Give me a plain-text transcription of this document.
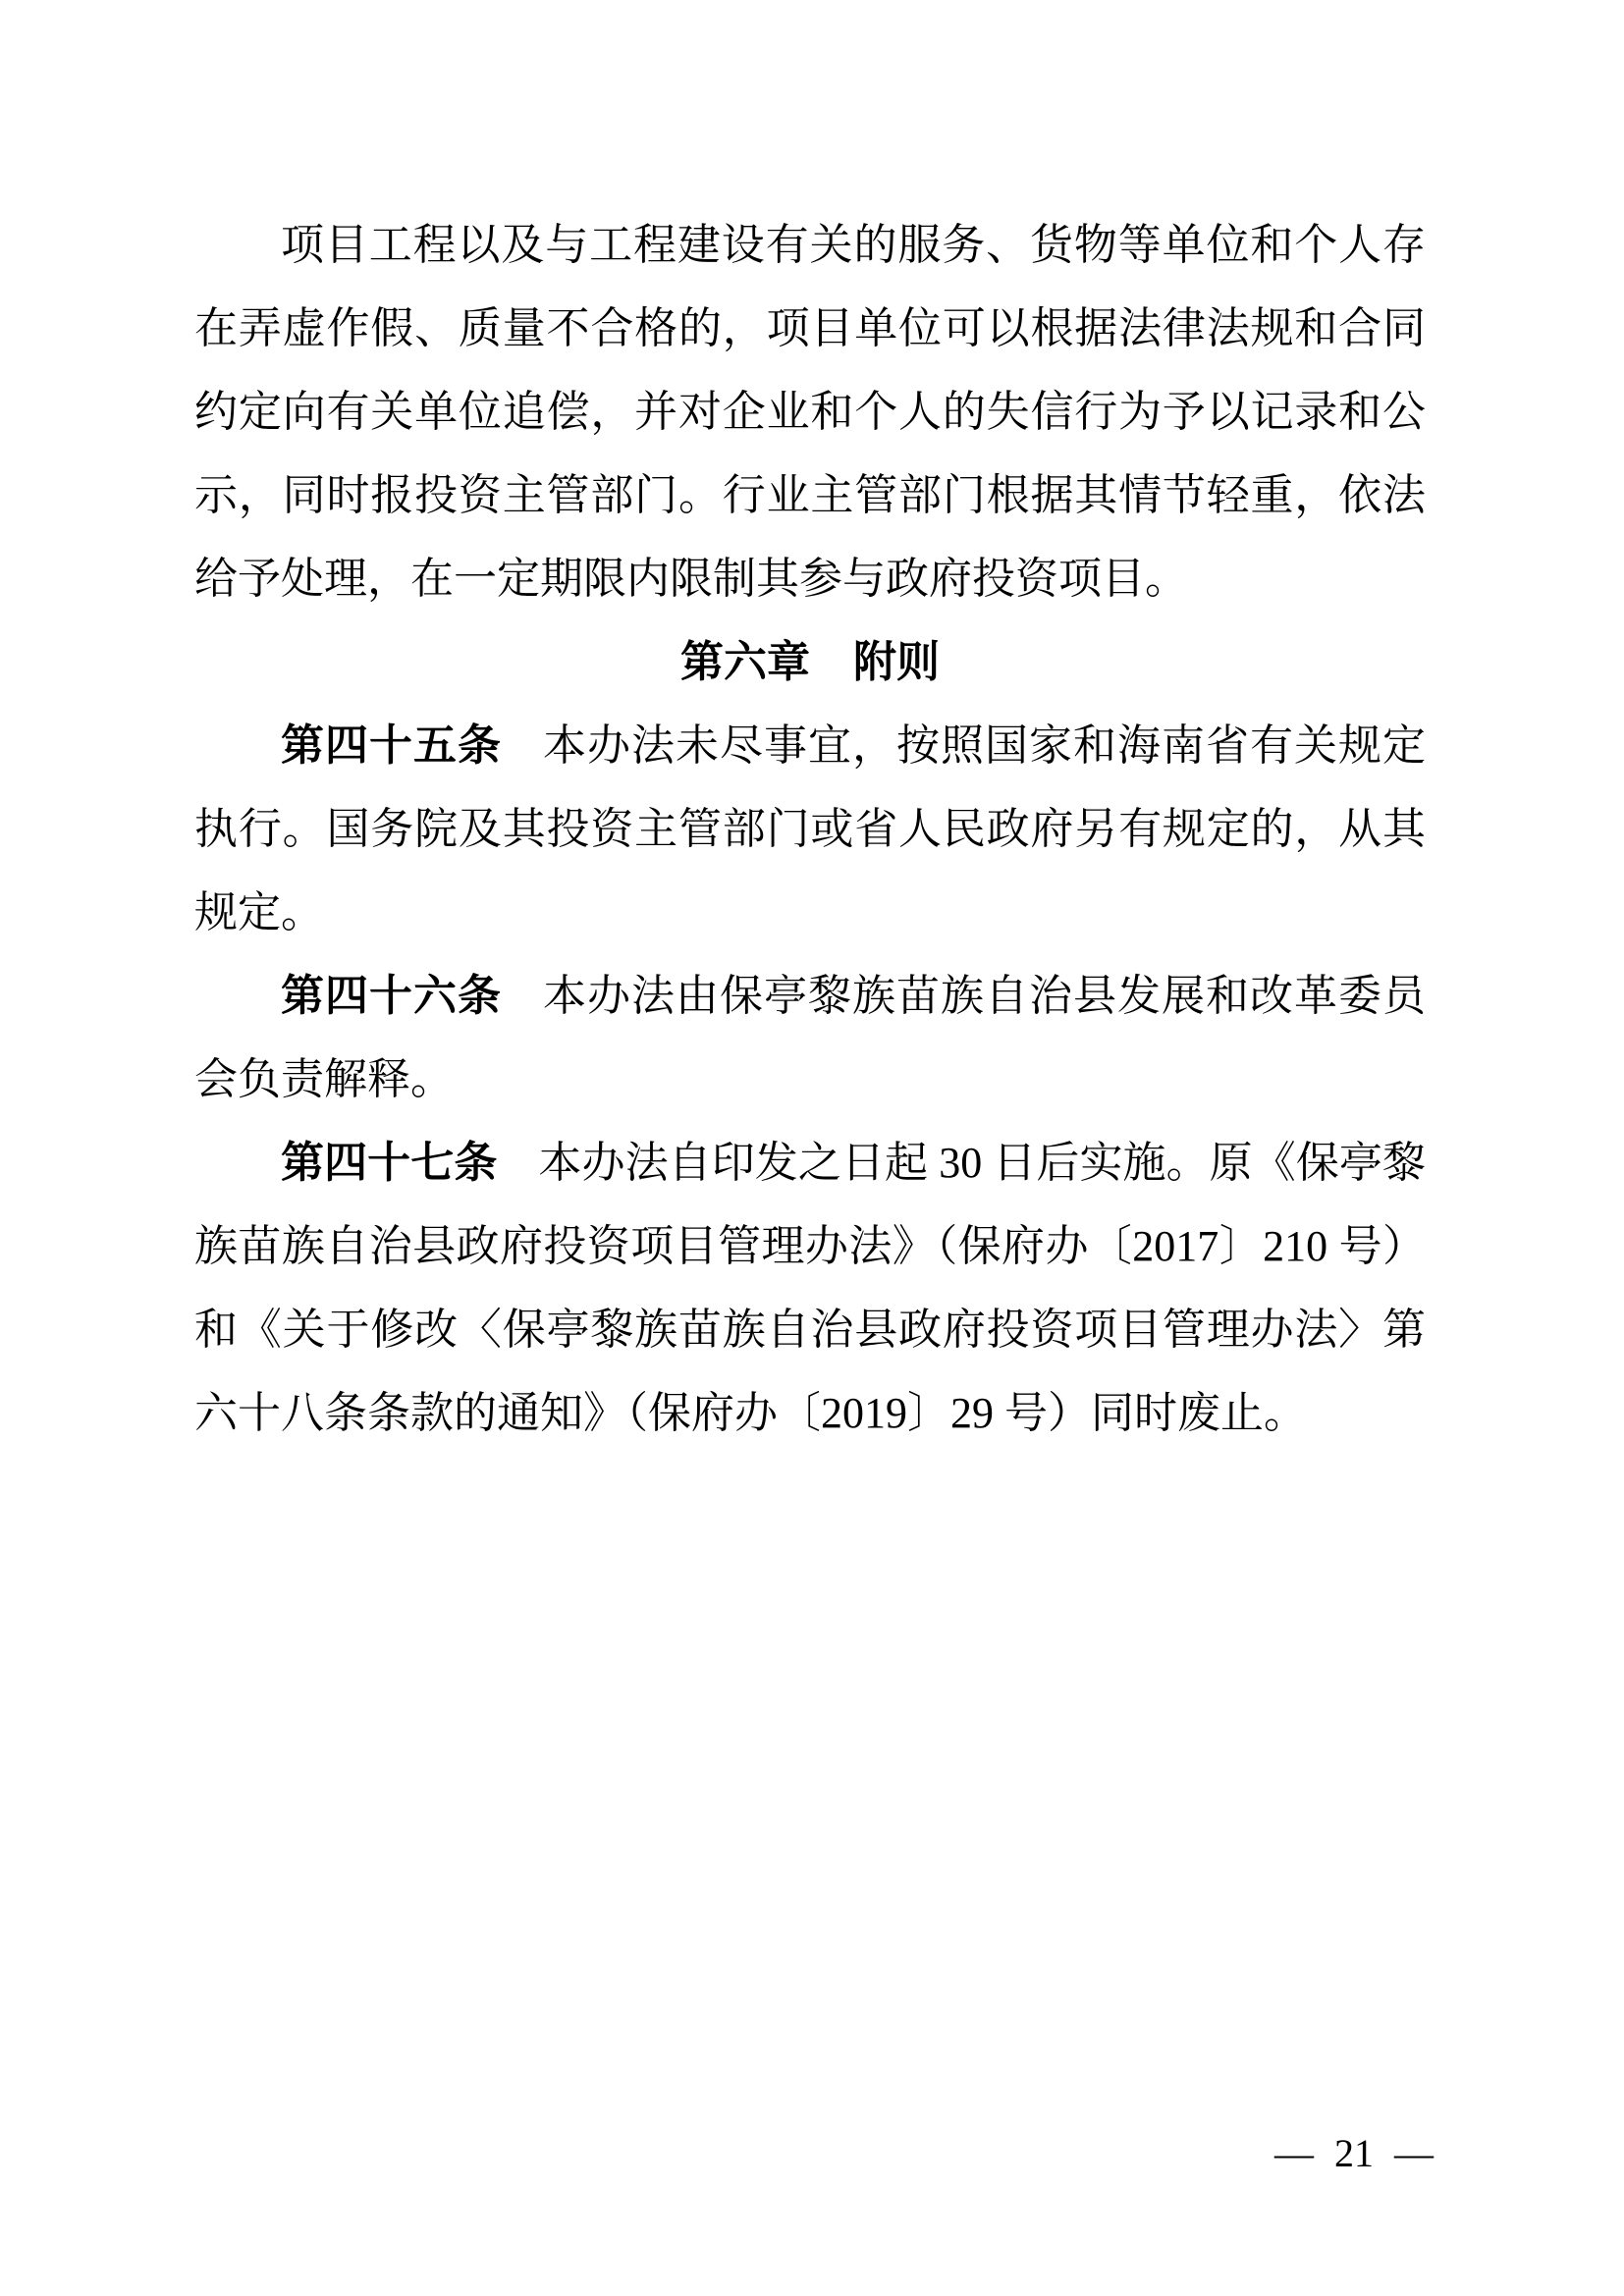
项目工程以及与工程建设有关的服务、货物等单位和个人存在弄虚作假、质量不合格的，项目单位可以根据法律法规和合同约定向有关单位追偿，并对企业和个人的失信行为予以记录和公示，同时报投资主管部门。行业主管部门根据其情节轻重，依法给予处理，在一定期限内限制其参与政府投资项目。

第六章 附则

第四十五条 本办法未尽事宜，按照国家和海南省有关规定执行。国务院及其投资主管部门或省人民政府另有规定的，从其规定。

第四十六条 本办法由保亭黎族苗族自治县发展和改革委员会负责解释。

第四十七条 本办法自印发之日起 30 日后实施。原《保亭黎族苗族自治县政府投资项目管理办法》（保府办〔2017〕210 号）和《关于修改〈保亭黎族苗族自治县政府投资项目管理办法〉第六十八条条款的通知》（保府办〔2019〕29 号）同时废止。

— 21 —
